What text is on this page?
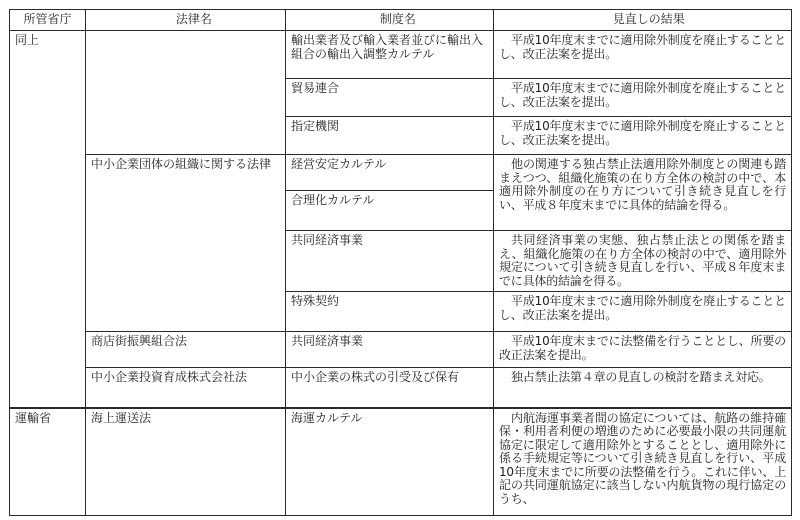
所管省庁	法律名	制度名	見直しの結果
同上		輸出業者及び輸入業者並びに輸出入組合の輸出入調整カルテル	平成10年度末までに適用除外制度を廃止することとし、改正法案を提出。
		貿易連合	平成10年度末までに適用除外制度を廃止することとし、改正法案を提出。
		指定機関	平成10年度末までに適用除外制度を廃止することとし、改正法案を提出。
	中小企業団体の組織に関する法律	経営安定カルテル	他の関連する独占禁止法適用除外制度との関連も踏まえつつ、組織化施策の在り方全体の検討の中で、本適用除外制度の在り方について引き続き見直しを行い、平成８年度末までに具体的結論を得る。
		合理化カルテル	
		共同経済事業	共同経済事業の実態、独占禁止法との関係を踏まえ、組織化施策の在り方全体の検討の中で、適用除外規定について引き続き見直しを行い、平成８年度末までに具体的結論を得る。
		特殊契約	平成10年度末までに適用除外制度を廃止することとし、改正法案を提出。
	商店街振興組合法	共同経済事業	平成10年度末までに法整備を行うこととし、所要の改正法案を提出。
	中小企業投資育成株式会社法	中小企業の株式の引受及び保有	独占禁止法第４章の見直しの検討を踏まえ対応。
運輸省	海上運送法	海運カルテル	内航海運事業者間の協定については、航路の維持確保・利用者利便の増進のために必要最小限の共同運航協定に限定して適用除外とすることとし、適用除外に係る手続規定等について引き続き見直しを行い、平成10年度末までに所要の法整備を行う。これに伴い、上記の共同運航協定に該当しない内航貨物の現行協定のうち、
